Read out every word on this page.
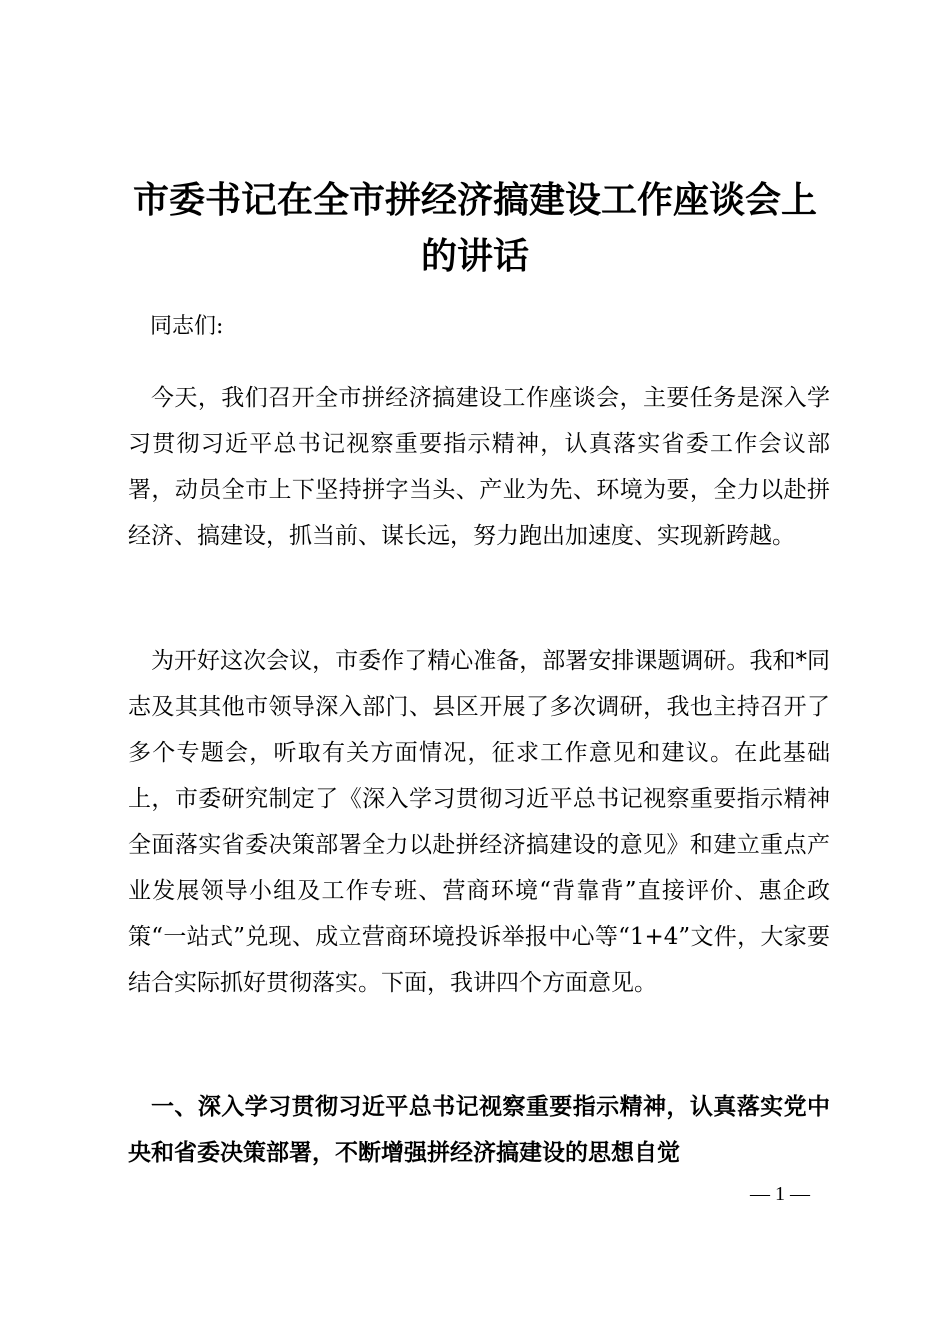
市委书记在全市拼经济搞建设工作座谈会上的讲话
同志们:
今天，我们召开全市拼经济搞建设工作座谈会，主要任务是深入学习贯彻习近平总书记视察重要指示精神，认真落实省委工作会议部署，动员全市上下坚持拼字当头、产业为先、环境为要，全力以赴拼经济、搞建设，抓当前、谋长远，努力跑出加速度、实现新跨越。
为开好这次会议，市委作了精心准备，部署安排课题调研。我和*同志及其其他市领导深入部门、县区开展了多次调研，我也主持召开了多个专题会，听取有关方面情况，征求工作意见和建议。在此基础上，市委研究制定了《深入学习贯彻习近平总书记视察重要指示精神全面落实省委决策部署全力以赴拼经济搞建设的意见》和建立重点产业发展领导小组及工作专班、营商环境“背靠背”直接评价、惠企政策“一站式”兑现、成立营商环境投诉举报中心等“1+4”文件，大家要结合实际抓好贯彻落实。下面，我讲四个方面意见。
一、深入学习贯彻习近平总书记视察重要指示精神，认真落实党中央和省委决策部署，不断增强拼经济搞建设的思想自觉
— 1 —
